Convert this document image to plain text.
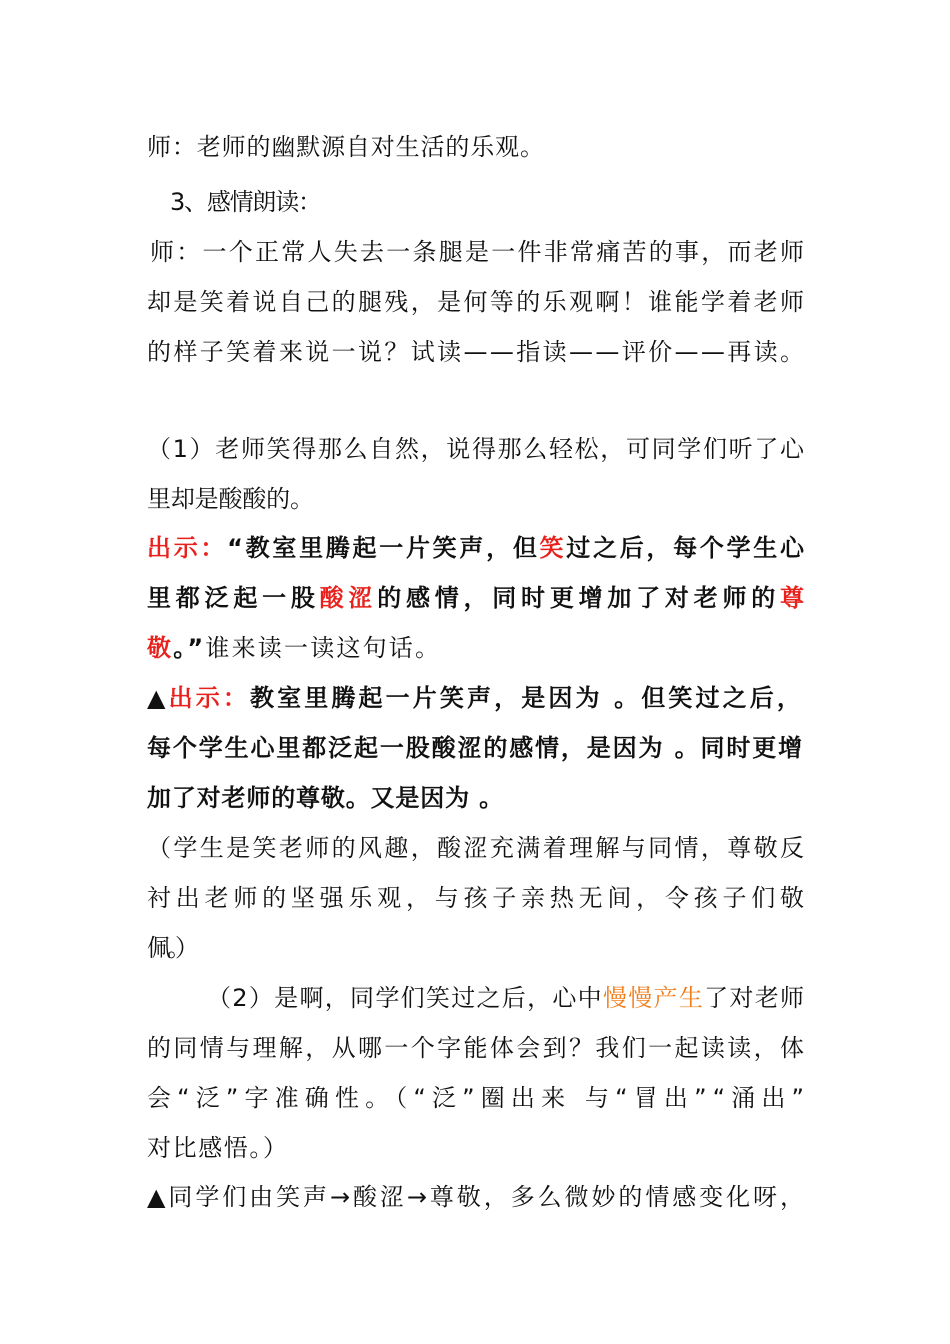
师：老师的幽默源自对生活的乐观。
3、感情朗读：
师：一个正常人失去一条腿是一件非常痛苦的事，而老师
却是笑着说自己的腿残，是何等的乐观啊！谁能学着老师
的样子笑着来说一说？试读——指读——评价——再读。
（1）老师笑得那么自然，说得那么轻松，可同学们听了心
里却是酸酸的。
出示：“教室里腾起一片笑声，但笑过之后，每个学生心
里都泛起一股酸涩的感情，同时更增加了对老师的尊
敬。”谁来读一读这句话。
▲出示：教室里腾起一片笑声，是因为 。但笑过之后，
每个学生心里都泛起一股酸涩的感情，是因为 。同时更增
加了对老师的尊敬。又是因为 。
（学生是笑老师的风趣，酸涩充满着理解与同情，尊敬反
衬出老师的坚强乐观，与孩子亲热无间，令孩子们敬
佩。）
（2）是啊，同学们笑过之后，心中慢慢产生了对老师
的同情与理解，从哪一个字能体会到？我们一起读读，体
会“泛”字准确性。（“泛”圈出来 与“冒出”“涌出”
对比感悟。）
▲同学们由笑声→酸涩→尊敬，多么微妙的情感变化呀，
